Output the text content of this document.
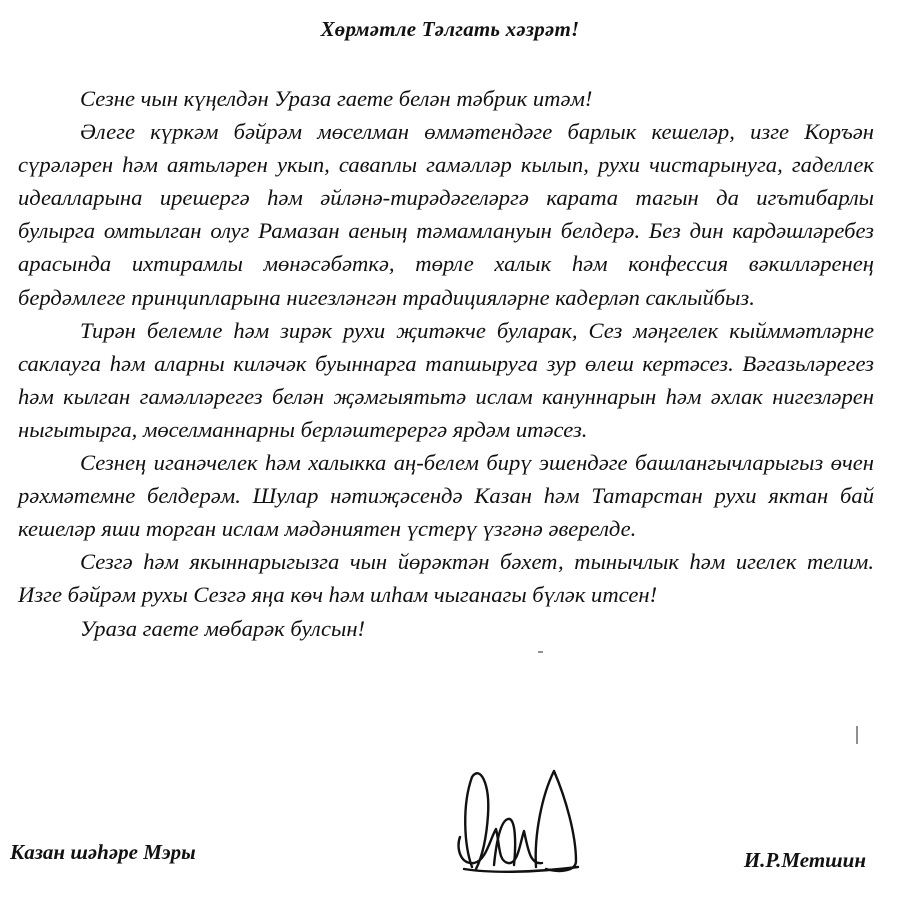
Хөрмәтле Тәлгать хәзрәт!

Сезне чын күңелдән Ураза гаете белән тәбрик итәм!

Әлеге күркәм бәйрәм мөселман өммәтендәге барлык кешеләр, изге Коръән сүрәләрен һәм аятьләрен укып, саваплы гамәлләр кылып, рухи чистарынуга, гаделлек идеалларына ирешергә һәм әйләнә-тирәдәгеләргә карата тагын да игътибарлы булырга омтылган олуг Рамазан аеның тәмамлануын белдерә. Без дин кардәшләребез арасында ихтирамлы мөнәсәбәткә, төрле халык һәм конфессия вәкилләренең бердәмлеге принципларына нигезләнгән традицияләрне кадерләп саклыйбыз.

Тирән белемле һәм зирәк рухи җитәкче буларак, Сез мәңгелек кыйммәтләрне саклауга һәм аларны киләчәк буыннарга тапшыруга зур өлеш кертәсез. Вәгазьләрегез һәм кылган гамәлләрегез белән җәмгыятьтә ислам кануннарын һәм әхлак нигезләрен ныгытырга, мөселманнарны берләштерергә ярдәм итәсез.

Сезнең иганәчелек һәм халыкка аң-белем бирү эшендәге башлангычларыгыз өчен рәхмәтемне белдерәм. Шулар нәтиҗәсендә Казан һәм Татарстан рухи яктан бай кешеләр яши торган ислам мәдәниятен үстерү үзгәнә әверелде.

Сезгә һәм якыннарыгызга чын йөрәктән бәхет, тынычлык һәм игелек телим. Изге бәйрәм рухы Сезгә яңа көч һәм илһам чыганагы бүләк итсен!

Ураза гаете мөбарәк булсын!

Казан шәһәре Мэры	И.Р.Метшин
